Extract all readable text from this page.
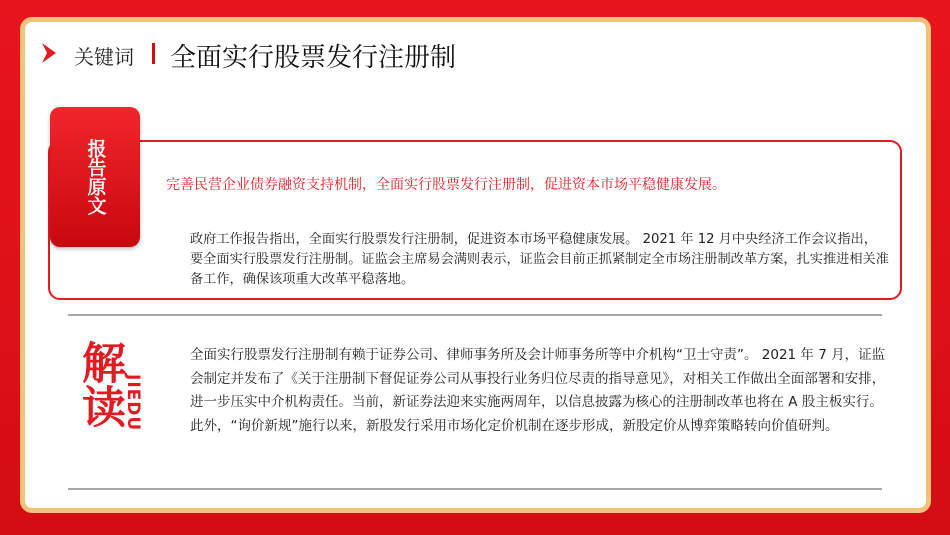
关键词 全面实行股票发行注册制
报告原文	完善民营企业债券融资支持机制，全面实行股票发行注册制，促进资本市场平稳健康发展。
政府工作报告指出，全面实行股票发行注册制，促进资本市场平稳健康发展。 2021 年 12 月中央经济工作会议指出，要全面实行股票发行注册制。证监会主席易会满则表示，证监会目前正抓紧制定全市场注册制改革方案，扎实推进相关准备工作，确保该项重大改革平稳落地。
解读
JIEDU
全面实行股票发行注册制有赖于证券公司、律师事务所及会计师事务所等中介机构“卫士守责”。 2021 年 7 月，证监会制定并发布了《关于注册制下督促证券公司从事投行业务归位尽责的指导意见》，对相关工作做出全面部署和安排，进一步压实中介机构责任。当前，新证券法迎来实施两周年，以信息披露为核心的注册制改革也将在 A 股主板实行。此外，“询价新规”施行以来，新股发行采用市场化定价机制在逐步形成，新股定价从博弈策略转向价值研判。
